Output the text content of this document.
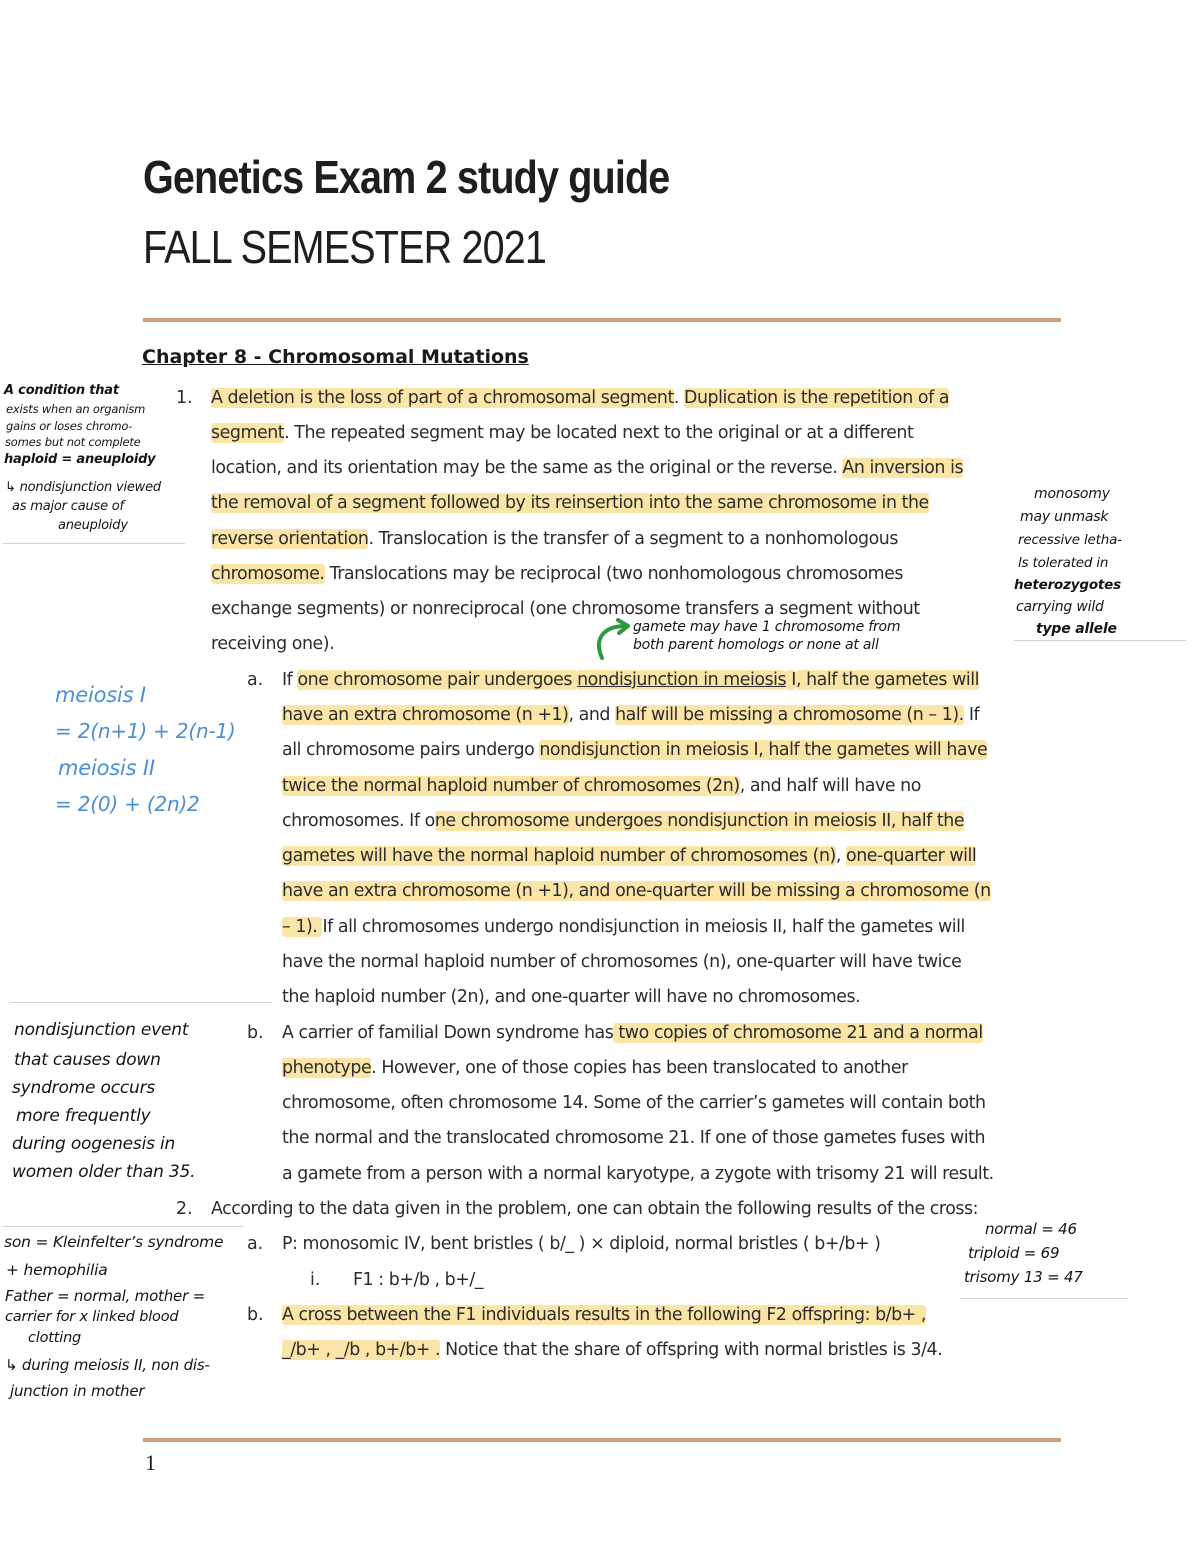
Genetics Exam 2 study guide
FALL SEMESTER 2021
Chapter 8 - Chromosomal Mutations
1. A deletion is the loss of part of a chromosomal segment. Duplication is the repetition of a
segment. The repeated segment may be located next to the original or at a different
location, and its orientation may be the same as the original or the reverse. An inversion is
the removal of a segment followed by its reinsertion into the same chromosome in the
reverse orientation. Translocation is the transfer of a segment to a nonhomologous
chromosome. Translocations may be reciprocal (two nonhomologous chromosomes
exchange segments) or nonreciprocal (one chromosome transfers a segment without
receiving one).
a. If one chromosome pair undergoes nondisjunction in meiosis I, half the gametes will
have an extra chromosome (n +1), and half will be missing a chromosome (n – 1). If
all chromosome pairs undergo nondisjunction in meiosis I, half the gametes will have
twice the normal haploid number of chromosomes (2n), and half will have no
chromosomes. If one chromosome undergoes nondisjunction in meiosis II, half the
gametes will have the normal haploid number of chromosomes (n), one-quarter will
have an extra chromosome (n +1), and one-quarter will be missing a chromosome (n
– 1). If all chromosomes undergo nondisjunction in meiosis II, half the gametes will
have the normal haploid number of chromosomes (n), one-quarter will have twice
the haploid number (2n), and one-quarter will have no chromosomes.
b. A carrier of familial Down syndrome has two copies of chromosome 21 and a normal
phenotype. However, one of those copies has been translocated to another
chromosome, often chromosome 14. Some of the carrier’s gametes will contain both
the normal and the translocated chromosome 21. If one of those gametes fuses with
a gamete from a person with a normal karyotype, a zygote with trisomy 21 will result.
2. According to the data given in the problem, one can obtain the following results of the cross:
a. P: monosomic IV, bent bristles ( b/_ ) × diploid, normal bristles ( b+/b+ )
i. F1 : b+/b , b+/_
b. A cross between the F1 individuals results in the following F2 offspring: b/b+ ,
_/b+ , _/b , b+/b+ . Notice that the share of offspring with normal bristles is 3/4.
1
A condition that
exists when an organism
gains or loses chromo-
somes but not complete
haploid = aneuploidy
↳ nondisjunction viewed
as major cause of
aneuploidy
monosomy
may unmask
recessive letha-
ls tolerated in
heterozygotes
carrying wild
type allele
gamete may have 1 chromosome from
both parent homologs or none at all
meiosis I
= 2(n+1) + 2(n-1)
meiosis II
= 2(0) + (2n)2
nondisjunction event
that causes down
syndrome occurs
more frequently
during oogenesis in
women older than 35.
normal = 46
triploid = 69
trisomy 13 = 47
son = Kleinfelter’s syndrome
+ hemophilia
Father = normal, mother =
carrier for x linked blood
clotting
↳ during meiosis II, non dis-
junction in mother
